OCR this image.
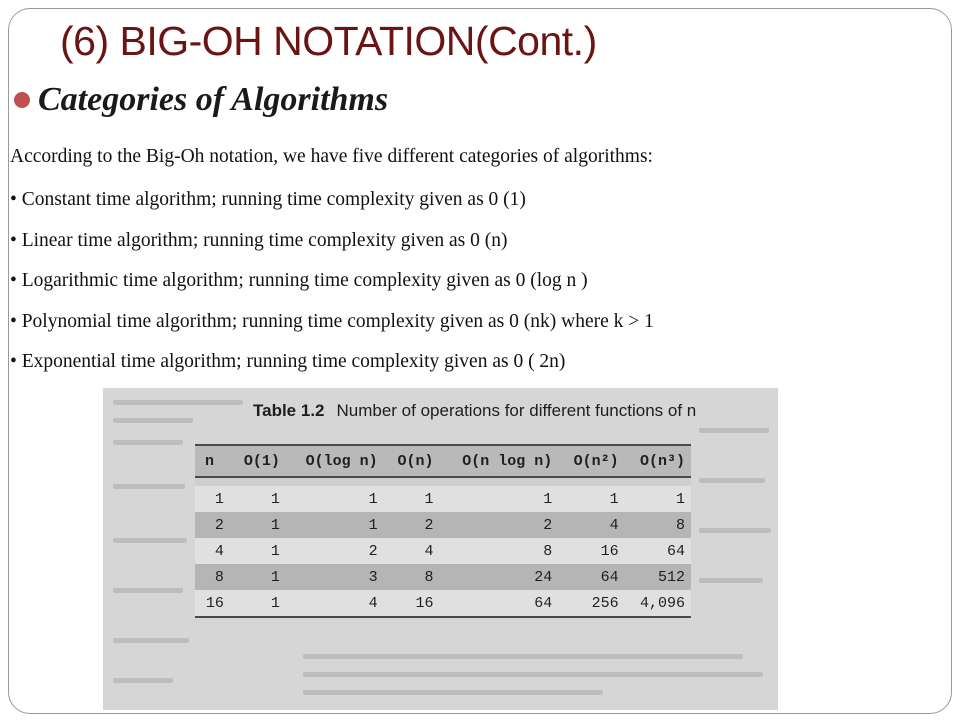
(6) BIG-OH NOTATION(Cont.)
Categories of Algorithms

According to the Big-Oh notation, we have five different categories of algorithms:

• Constant time algorithm; running time complexity given as 0 (1)
• Linear time algorithm; running time complexity given as 0 (n)
• Logarithmic time algorithm; running time complexity given as 0 (log n )
• Polynomial time algorithm; running time complexity given as 0 (nk) where k > 1
• Exponential time algorithm; running time complexity given as 0 ( 2n)
Table 1.2 Number of operations for different functions of n
n	O(1)	O(log n)	O(n)	O(n log n)	O(n²)	O(n³)

1	1	1	1	1	1	1
2	1	1	2	2	4	8
4	1	2	4	8	16	64
8	1	3	8	24	64	512
16	1	4	16	64	256	4,096
